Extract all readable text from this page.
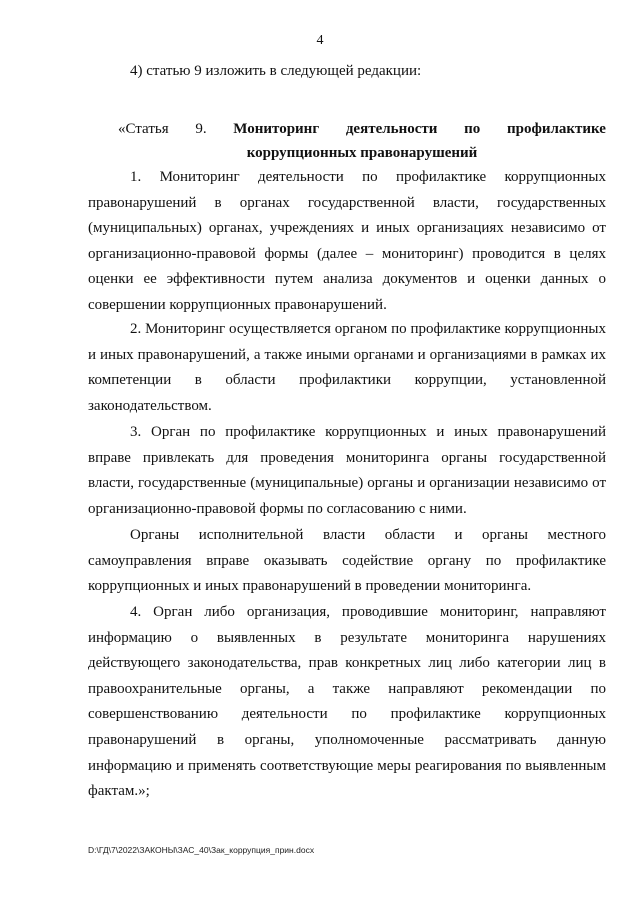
4
4) статью 9 изложить в следующей редакции:
«Статья 9. Мониторинг деятельности по профилактике
коррупционных правонарушений

1. Мониторинг деятельности по профилактике коррупционных правонарушений в органах государственной власти, государственных (муниципальных) органах, учреждениях и иных организациях независимо от организационно-правовой формы (далее – мониторинг) проводится в целях оценки ее эффективности путем анализа документов и оценки данных о совершении коррупционных правонарушений.

2. Мониторинг осуществляется органом по профилактике коррупционных и иных правонарушений, а также иными органами и организациями в рамках их компетенции в области профилактики коррупции, установленной законодательством.

3. Орган по профилактике коррупционных и иных правонарушений вправе привлекать для проведения мониторинга органы государственной власти, государственные (муниципальные) органы и организации независимо от организационно-правовой формы по согласованию с ними.

Органы исполнительной власти области и органы местного самоуправления вправе оказывать содействие органу по профилактике коррупционных и иных правонарушений в проведении мониторинга.

4. Орган либо организация, проводившие мониторинг, направляют информацию о выявленных в результате мониторинга нарушениях действующего законодательства, прав конкретных лиц либо категории лиц в правоохранительные органы, а также направляют рекомендации по совершенствованию деятельности по профилактике коррупционных правонарушений в органы, уполномоченные рассматривать данную информацию и применять соответствующие меры реагирования по выявленным фактам.»;

D:\ГД\7\2022\ЗАКОНЫ\ЗАС_40\Зак_коррупция_прин.docx
